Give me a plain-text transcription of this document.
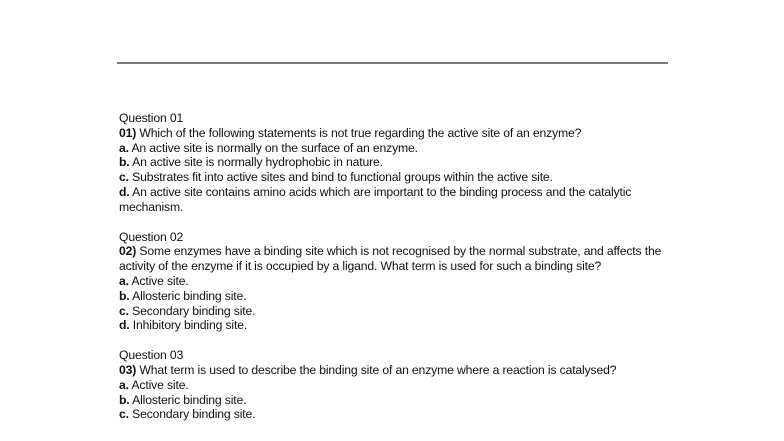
Question 01
01) Which of the following statements is not true regarding the active site of an enzyme?
a. An active site is normally on the surface of an enzyme.
b. An active site is normally hydrophobic in nature.
c. Substrates fit into active sites and bind to functional groups within the active site.
d. An active site contains amino acids which are important to the binding process and the catalytic mechanism.
Question 02
02) Some enzymes have a binding site which is not recognised by the normal substrate, and affects the activity of the enzyme if it is occupied by a ligand. What term is used for such a binding site?
a. Active site.
b. Allosteric binding site.
c. Secondary binding site.
d. Inhibitory binding site.
Question 03
03) What term is used to describe the binding site of an enzyme where a reaction is catalysed?
a. Active site.
b. Allosteric binding site.
c. Secondary binding site.
